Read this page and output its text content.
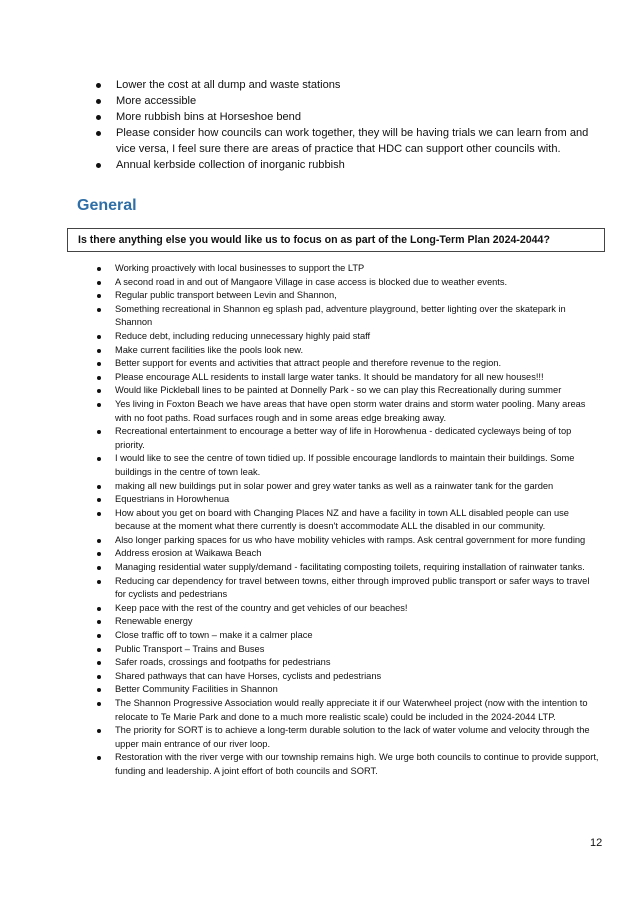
Lower the cost at all dump and waste stations
More accessible
More rubbish bins at Horseshoe bend
Please consider how councils can work together, they will be having trials we can learn from and vice versa, I feel sure there are areas of practice that HDC can support other councils with.
Annual kerbside collection of inorganic rubbish
General
Is there anything else you would like us to focus on as part of the Long-Term Plan 2024-2044?
Working proactively with local businesses to support the LTP
A second road in and out of Mangaore Village in case access is blocked due to weather events.
Regular public transport between Levin and Shannon,
Something recreational in Shannon eg splash pad, adventure playground, better lighting over the skatepark in Shannon
Reduce debt, including reducing unnecessary highly paid staff
Make current facilities like the pools look new.
Better support for events and activities that attract people and therefore revenue to the region.
Please encourage ALL residents to install large water tanks. It should be mandatory for all new houses!!!
Would like Pickleball lines to be painted at Donnelly Park - so we can play this Recreationally during summer
Yes living in Foxton Beach we have areas that have open storm water drains and storm water pooling. Many areas with no foot paths. Road surfaces rough and in some areas edge breaking away.
Recreational entertainment to encourage a better way of life in Horowhenua - dedicated cycleways being of top priority.
I would like to see the centre of town tidied up. If possible encourage landlords to maintain their buildings. Some buildings in the centre of town leak.
making all new buildings put in solar power and grey water tanks as well as a rainwater tank for the garden
Equestrians in Horowhenua
How about you get on board with Changing Places NZ and have a facility in town ALL disabled people can use because at the moment what there currently is doesn't accommodate ALL the disabled in our community.
Also longer parking spaces for us who have mobility vehicles with ramps. Ask central government for more funding
Address erosion at Waikawa Beach
Managing residential water supply/demand - facilitating composting toilets, requiring installation of rainwater tanks.
Reducing car dependency for travel between towns, either through improved public transport or safer ways to travel for cyclists and pedestrians
Keep pace with the rest of the country and get vehicles of our beaches!
Renewable energy
Close traffic off to town – make it a calmer place
Public Transport – Trains and Buses
Safer roads, crossings and footpaths for pedestrians
Shared pathways that can have Horses, cyclists and pedestrians
Better Community Facilities in Shannon
The Shannon Progressive Association would really appreciate it if our Waterwheel project (now with the intention to relocate to Te Marie Park and done to a much more realistic scale) could be included in the 2024-2044 LTP.
The priority for SORT is to achieve a long-term durable solution to the lack of water volume and velocity through the upper main entrance of our river loop.
Restoration with the river verge with our township remains high. We urge both councils to continue to provide support, funding and leadership. A joint effort of both councils and SORT.
12
